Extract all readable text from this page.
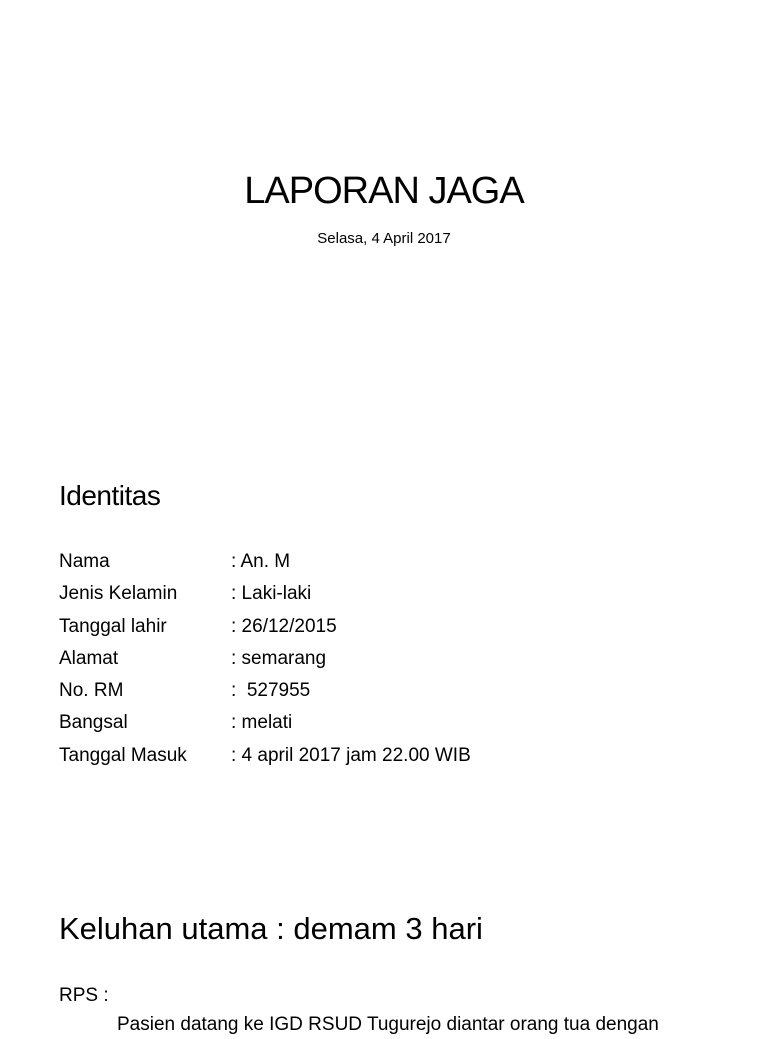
LAPORAN JAGA
Selasa, 4 April 2017
Identitas
Nama	: An. M
Jenis Kelamin	: Laki-laki
Tanggal lahir	: 26/12/2015
Alamat	: semarang
No. RM	:  527955
Bangsal	: melati
Tanggal Masuk	: 4 april 2017 jam 22.00 WIB
Keluhan utama : demam 3 hari
RPS :
Pasien datang ke IGD RSUD Tugurejo diantar orang tua dengan
